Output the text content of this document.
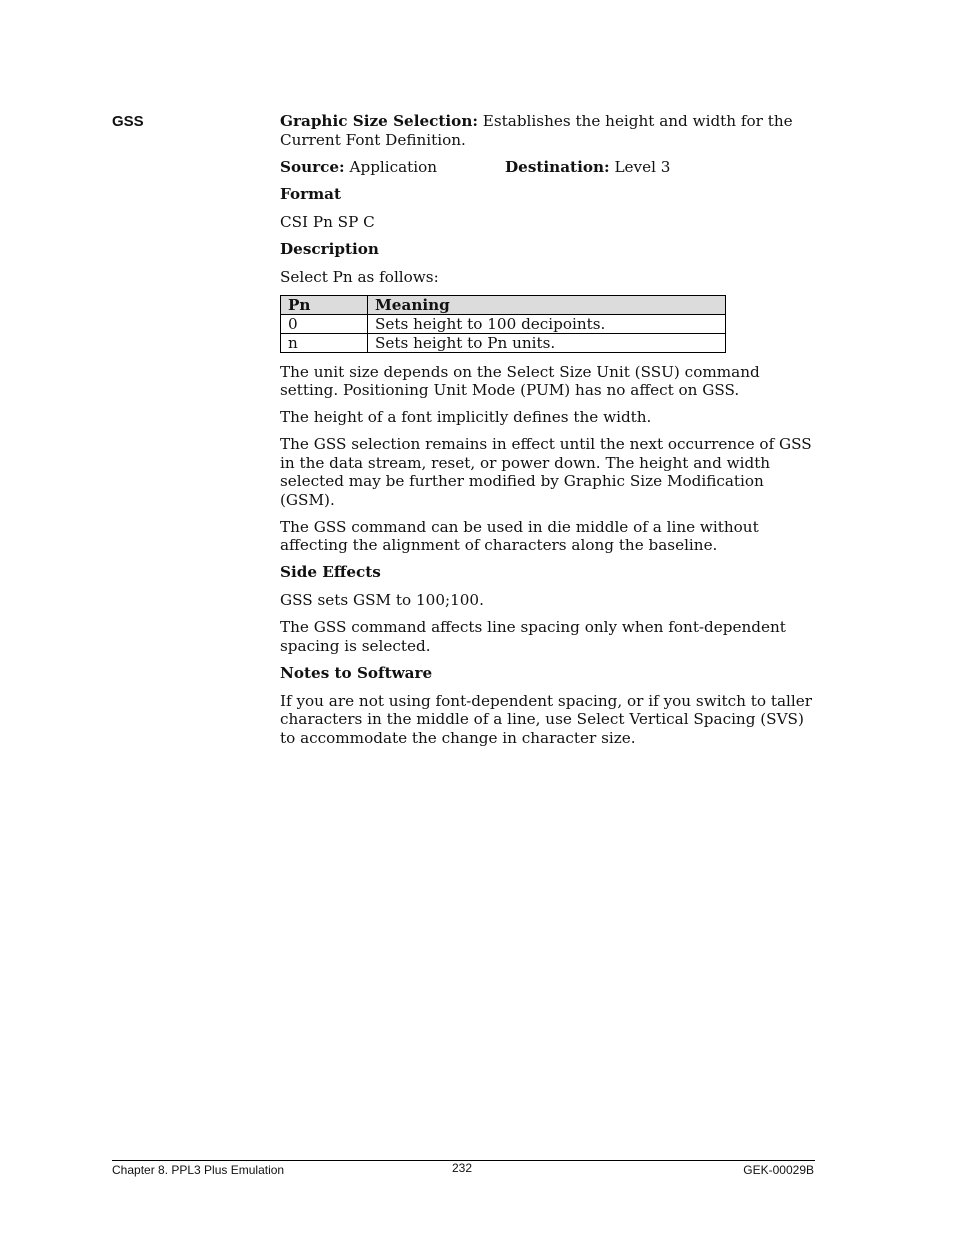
GSS	Graphic Size Selection: Establishes the height and width for the Current Font Definition.
Source: Application	Destination: Level 3
Format
CSI Pn SP C
Description
Select Pn as follows:
Pn	Meaning
0	Sets height to 100 decipoints.
n	Sets height to Pn units.
The unit size depends on the Select Size Unit (SSU) command setting. Positioning Unit Mode (PUM) has no affect on GSS.
The height of a font implicitly defines the width.
The GSS selection remains in effect until the next occurrence of GSS in the data stream, reset, or power down. The height and width selected may be further modified by Graphic Size Modification (GSM).
The GSS command can be used in die middle of a line without affecting the alignment of characters along the baseline.
Side Effects
GSS sets GSM to 100;100.
The GSS command affects line spacing only when font-dependent spacing is selected.
Notes to Software
If you are not using font-dependent spacing, or if you switch to taller characters in the middle of a line, use Select Vertical Spacing (SVS) to accommodate the change in character size.
Chapter 8. PPL3 Plus Emulation	232	GEK-00029B
